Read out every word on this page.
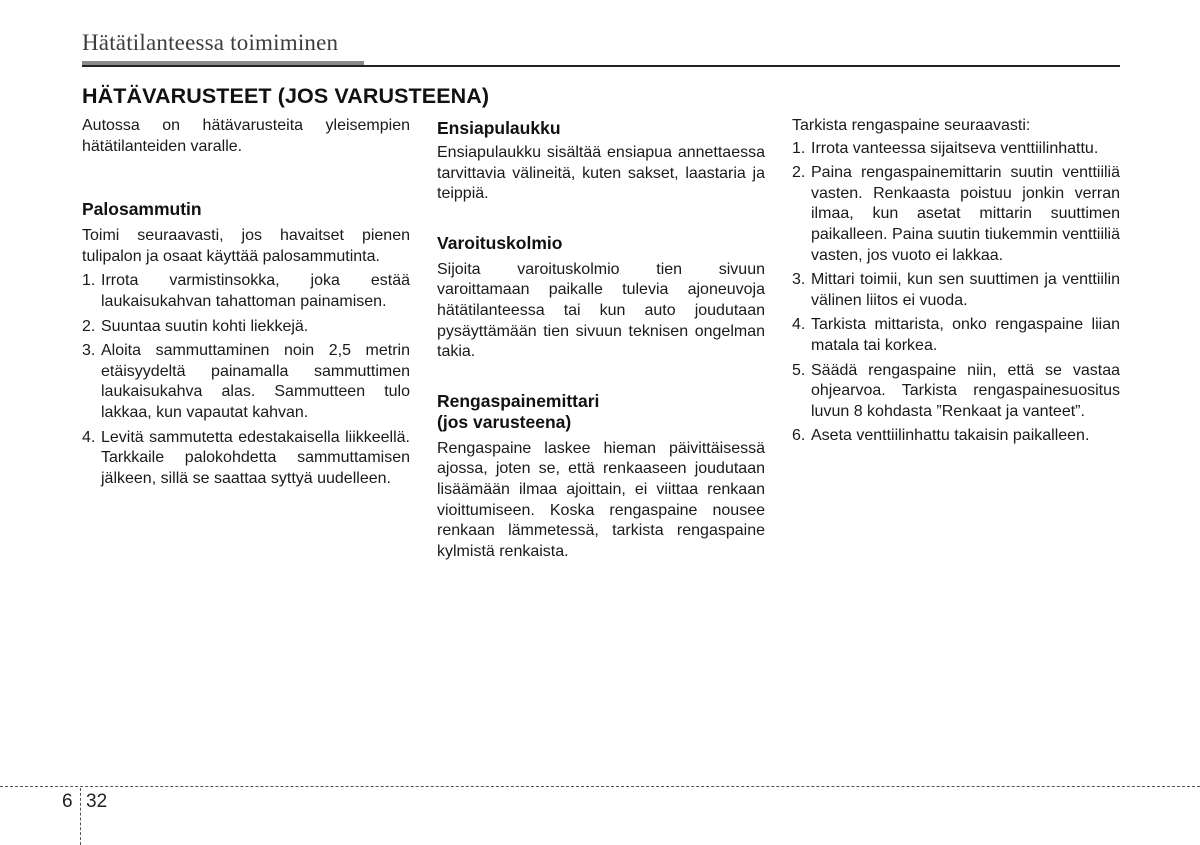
Hätätilanteessa toimiminen
HÄTÄVARUSTEET (JOS VARUSTEENA)

Autossa on hätävarusteita yleisempien hätätilanteiden varalle.

Palosammutin

Toimi seuraavasti, jos havaitset pienen tulipalon ja osaat käyttää palosammutinta.

1. Irrota varmistinsokka, joka estää laukaisukahvan tahattoman painamisen.
2. Suuntaa suutin kohti liekkejä.
3. Aloita sammuttaminen noin 2,5 metrin etäisyydeltä painamalla sammuttimen laukaisukahva alas. Sammutteen tulo lakkaa, kun vapautat kahvan.
4. Levitä sammutetta edestakaisella liikkeellä. Tarkkaile palokohdetta sammuttamisen jälkeen, sillä se saattaa syttyä uudelleen.
Ensiapulaukku

Ensiapulaukku sisältää ensiapua annettaessa tarvittavia välineitä, kuten sakset, laastaria ja teippiä.

Varoituskolmio

Sijoita varoituskolmio tien sivuun varoittamaan paikalle tulevia ajoneuvoja hätätilanteessa tai kun auto joudutaan pysäyttämään tien sivuun teknisen ongelman takia.

Rengaspainemittari
(jos varusteena)

Rengaspaine laskee hieman päivittäisessä ajossa, joten se, että renkaaseen joudutaan lisäämään ilmaa ajoittain, ei viittaa renkaan vioittumiseen. Koska rengaspaine nousee renkaan lämmetessä, tarkista rengaspaine kylmistä renkaista.

Tarkista rengaspaine seuraavasti:

1. Irrota vanteessa sijaitseva venttiilinhattu.
2. Paina rengaspainemittarin suutin venttiiliä vasten. Renkaasta poistuu jonkin verran ilmaa, kun asetat mittarin suuttimen paikalleen. Paina suutin tiukemmin venttiiliä vasten, jos vuoto ei lakkaa.
3. Mittari toimii, kun sen suuttimen ja venttiilin välinen liitos ei vuoda.
4. Tarkista mittarista, onko rengaspaine liian matala tai korkea.
5. Säädä rengaspaine niin, että se vastaa ohjearvoa. Tarkista rengaspainesuositus luvun 8 kohdasta ”Renkaat ja vanteet”.
6. Aseta venttiilinhattu takaisin paikalleen.
6 32
